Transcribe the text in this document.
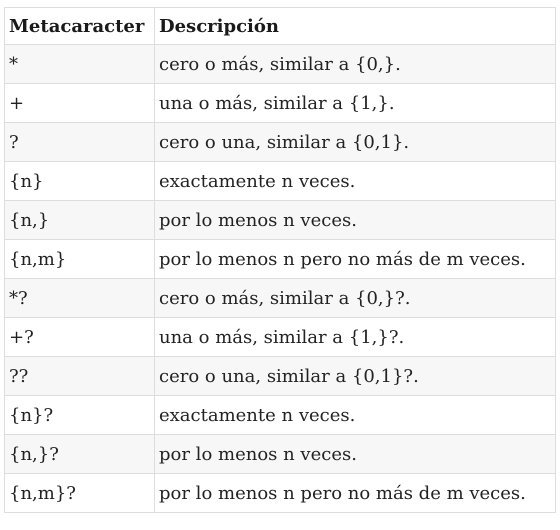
Metacaracter	Descripción
*	cero o más, similar a {0,}.
+	una o más, similar a {1,}.
?	cero o una, similar a {0,1}.
{n}	exactamente n veces.
{n,}	por lo menos n veces.
{n,m}	por lo menos n pero no más de m veces.
*?	cero o más, similar a {0,}?.
+?	una o más, similar a {1,}?.
??	cero o una, similar a {0,1}?.
{n}?	exactamente n veces.
{n,}?	por lo menos n veces.
{n,m}?	por lo menos n pero no más de m veces.
